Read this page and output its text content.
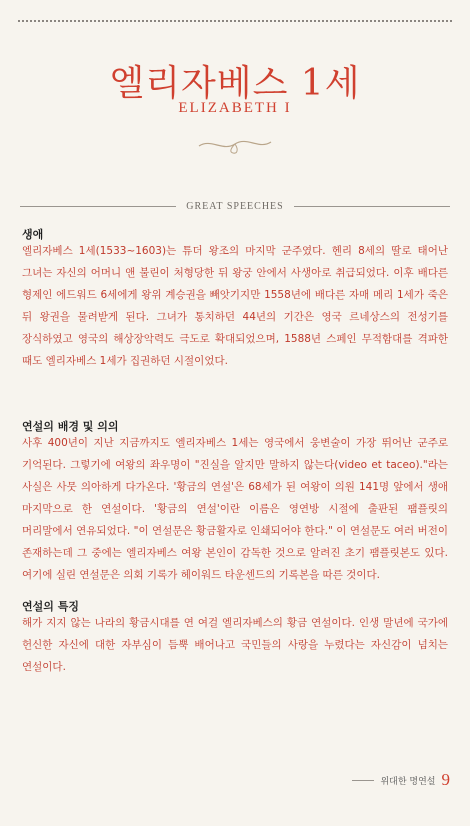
엘리자베스 1세
ELIZABETH I
GREAT SPEECHES
생애
엘리자베스 1세(1533~1603)는 튜더 왕조의 마지막 군주였다. 헨리 8세의 딸로 태어난 그녀는 자신의 어머니 앤 불린이 처형당한 뒤 왕궁 안에서 사생아로 취급되었다. 이후 배다른 형제인 에드워드 6세에게 왕위 계승권을 빼앗기지만 1558년에 배다른 자매 메리 1세가 죽은 뒤 왕권을 물려받게 된다. 그녀가 통치하던 44년의 기간은 영국 르네상스의 전성기를 장식하였고 영국의 해상장악력도 극도로 확대되었으며, 1588년 스페인 무적함대를 격파한 때도 엘리자베스 1세가 집권하던 시절이었다.
연설의 배경 및 의의
사후 400년이 지난 지금까지도 엘리자베스 1세는 영국에서 웅변술이 가장 뛰어난 군주로 기억된다. 그렇기에 여왕의 좌우명이 "진실을 알지만 말하지 않는다(video et taceo)."라는 사실은 사뭇 의아하게 다가온다. '황금의 연설'은 68세가 된 여왕이 의원 141명 앞에서 생애 마지막으로 한 연설이다. '황금의 연설'이란 이름은 영연방 시절에 출판된 팸플릿의 머리말에서 연유되었다. "이 연설문은 황금활자로 인쇄되어야 한다." 이 연설문도 여러 버전이 존재하는데 그 중에는 엘리자베스 여왕 본인이 감독한 것으로 알려진 초기 팸플릿본도 있다. 여기에 실린 연설문은 의회 기록가 헤이워드 타운센드의 기록본을 따른 것이다.
연설의 특징
해가 지지 않는 나라의 황금시대를 연 여걸 엘리자베스의 황금 연설이다. 인생 말년에 국가에 헌신한 자신에 대한 자부심이 듬뿍 배어나고 국민들의 사랑을 누렸다는 자신감이 넘치는 연설이다.
위대한 명연설 9
